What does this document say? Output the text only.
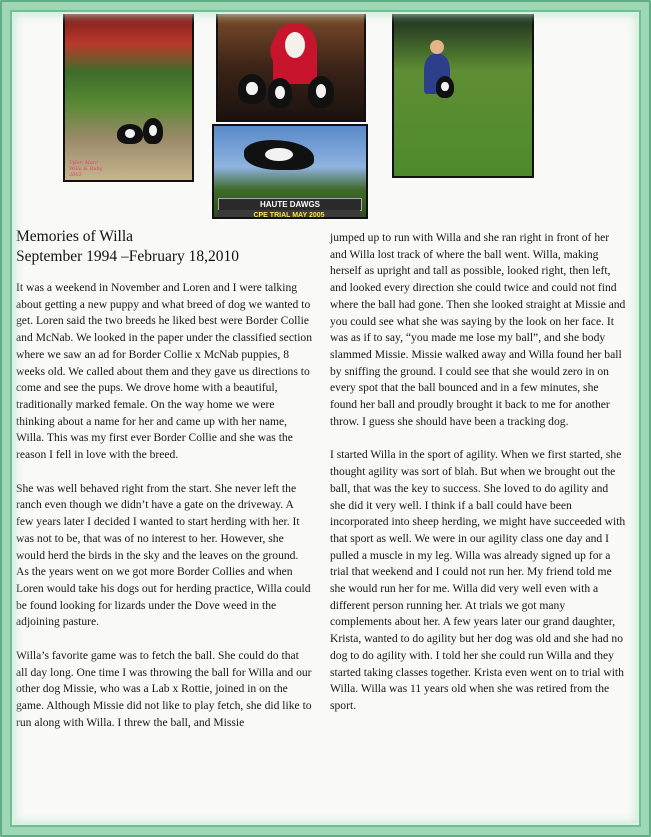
Tyler, Marc
Willa & Ruby
2002
HAUTE DAWGS
CPE TRIAL MAY 2005
Memories of Willa
September 1994 –February 18,2010

It was a weekend in November and Loren and I were talking about getting a new puppy and what breed of dog we wanted to get. Loren said the two breeds he liked best were Border Collie and McNab. We looked in the paper under the classified section where we saw an ad for Border Collie x McNab puppies, 8 weeks old. We called about them and they gave us directions to come and see the pups. We drove home with a beautiful, traditionally marked female. On the way home we were thinking about a name for her and came up with her name, Willa. This was my first ever Border Collie and she was the reason I fell in love with the breed.

She was well behaved right from the start. She never left the ranch even though we didn’t have a gate on the driveway. A few years later I decided I wanted to start herding with her. It was not to be, that was of no interest to her. However, she would herd the birds in the sky and the leaves on the ground. As the years went on we got more Border Collies and when Loren would take his dogs out for herding practice, Willa could be found looking for lizards under the Dove weed in the adjoining pasture.

Willa’s favorite game was to fetch the ball. She could do that all day long. One time I was throwing the ball for Willa and our other dog Missie, who was a Lab x Rottie, joined in on the game. Although Missie did not like to play fetch, she did like to run along with Willa. I threw the ball, and Missie

jumped up to run with Willa and she ran right in front of her and Willa lost track of where the ball went. Willa, making herself as upright and tall as possible, looked right, then left, and looked every direction she could twice and could not find where the ball had gone. Then she looked straight at Missie and you could see what she was saying by the look on her face. It was as if to say, “you made me lose my ball”, and she body slammed Missie. Missie walked away and Willa found her ball by sniffing the ground. I could see that she would zero in on every spot that the ball bounced and in a few minutes, she found her ball and proudly brought it back to me for another throw. I guess she should have been a tracking dog.

I started Willa in the sport of agility. When we first started, she thought agility was sort of blah. But when we brought out the ball, that was the key to success. She loved to do agility and she did it very well. I think if a ball could have been incorporated into sheep herding, we might have succeeded with that sport as well. We were in our agility class one day and I pulled a muscle in my leg. Willa was already signed up for a trial that weekend and I could not run her. My friend told me she would run her for me. Willa did very well even with a different person running her. At trials we got many complements about her. A few years later our grand daughter, Krista, wanted to do agility but her dog was old and she had no dog to do agility with. I told her she could run Willa and they started taking classes together. Krista even went on to trial with Willa. Willa was 11 years old when she was retired from the sport.
